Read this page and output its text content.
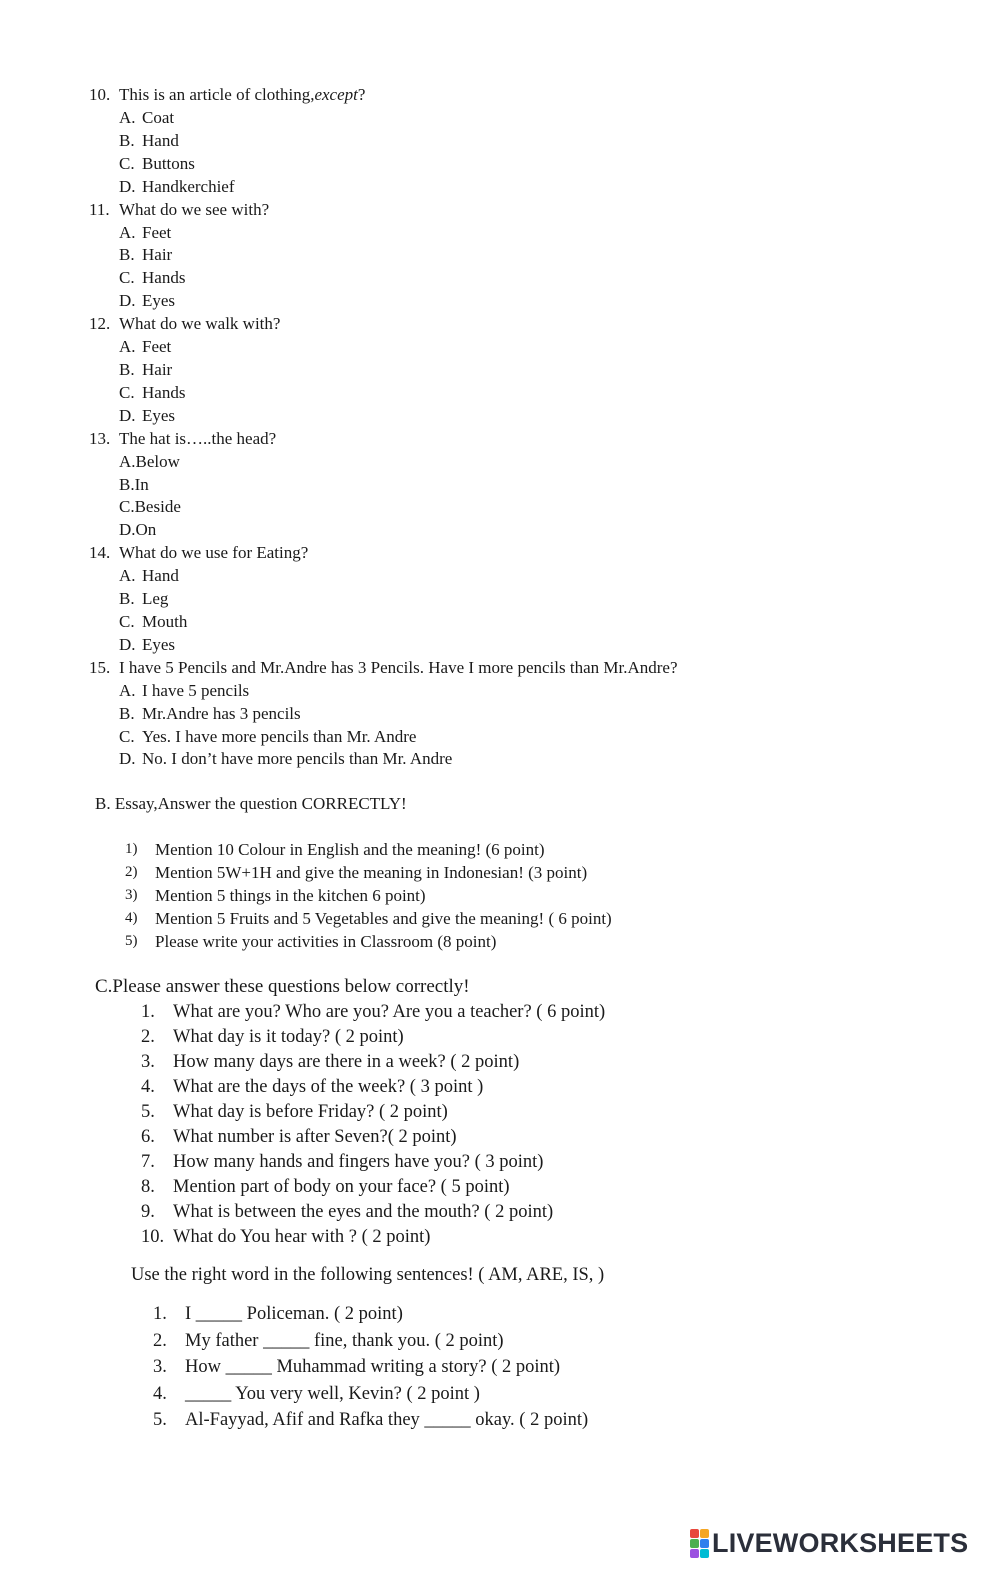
10. This is an article of clothing,except?
A. Coat
B. Hand
C. Buttons
D. Handkerchief
11. What do we see with?
A. Feet
B. Hair
C. Hands
D. Eyes
12. What do we walk with?
A. Feet
B. Hair
C. Hands
D. Eyes
13. The hat is…..the head?
A.Below
B.In
C.Beside
D.On
14. What do we use for Eating?
A. Hand
B. Leg
C. Mouth
D. Eyes
15. I have 5 Pencils and Mr.Andre has 3 Pencils. Have I more pencils than Mr.Andre?
A. I have 5 pencils
B. Mr.Andre has 3 pencils
C. Yes. I have more pencils than Mr. Andre
D. No. I don’t have more pencils than Mr. Andre
B. Essay,Answer the question CORRECTLY!
1)	Mention 10 Colour in English and the meaning! (6 point)
2)	Mention 5W+1H and give the meaning in Indonesian! (3 point)
3)	Mention 5 things in the kitchen 6 point)
4)	Mention 5 Fruits and 5 Vegetables and give the meaning! ( 6 point)
5)	Please write your activities in Classroom (8 point)
C.Please answer these questions below correctly!
1. What are you? Who are you? Are you a teacher? ( 6 point)
2. What day is it today? ( 2 point)
3. How many days are there in a week? ( 2 point)
4. What are the days of the week? ( 3 point )
5. What day is before Friday? ( 2 point)
6. What number is after Seven?( 2 point)
7. How many hands and fingers have you? ( 3 point)
8. Mention part of body on your face? ( 5 point)
9. What is between the eyes and the mouth? ( 2 point)
10. What do You hear with ? ( 2 point)
Use the right word in the following sentences! ( AM, ARE, IS, )
1. I _____ Policeman. ( 2 point)
2. My father _____ fine, thank you. ( 2 point)
3. How _____ Muhammad writing a story? ( 2 point)
4. _____ You very well, Kevin? ( 2 point )
5. Al-Fayyad, Afif and Rafka they _____ okay. ( 2 point)
LIVEWORKSHEETS
